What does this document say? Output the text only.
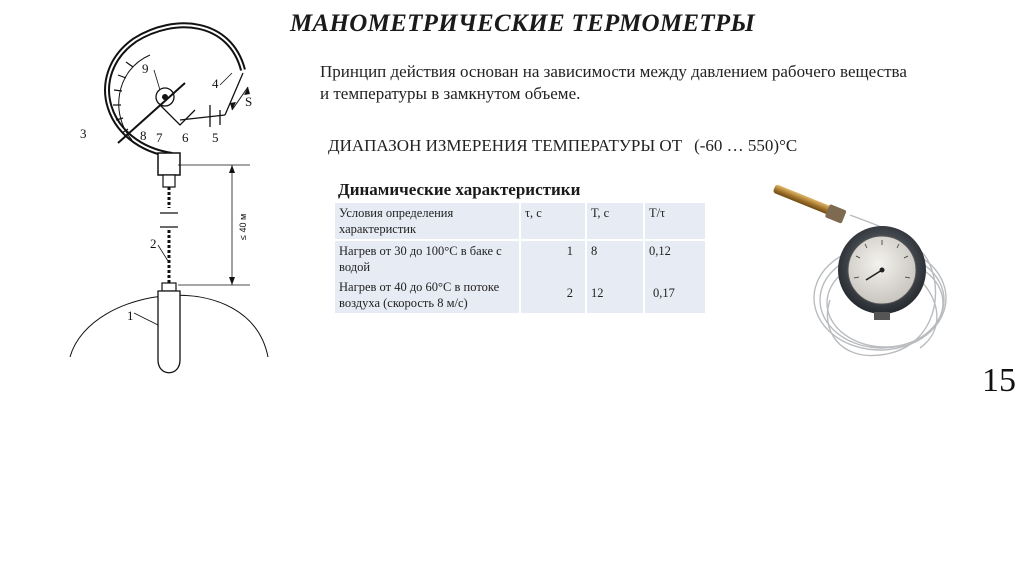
МАНОМЕТРИЧЕСКИЕ ТЕРМОМЕТРЫ
Принцип действия основан на зависимости между давлением рабочего вещества и температуры в замкнутом объеме.
ДИАПАЗОН ИЗМЕРЕНИЯ ТЕМПЕРАТУРЫ ОТ (-60 … 550)°С
1
2
3
4
5
6
7
8
9
S
≤ 40 м
Динамические характеристики
Условия определения характеристик	τ, с	Т, с	Т/τ
Нагрев от 30 до 100°С в баке с водой	1	8	0,12
Нагрев от 40 до 60°С в потоке воздуха (скорость 8 м/с)	2	12	0,17
15
